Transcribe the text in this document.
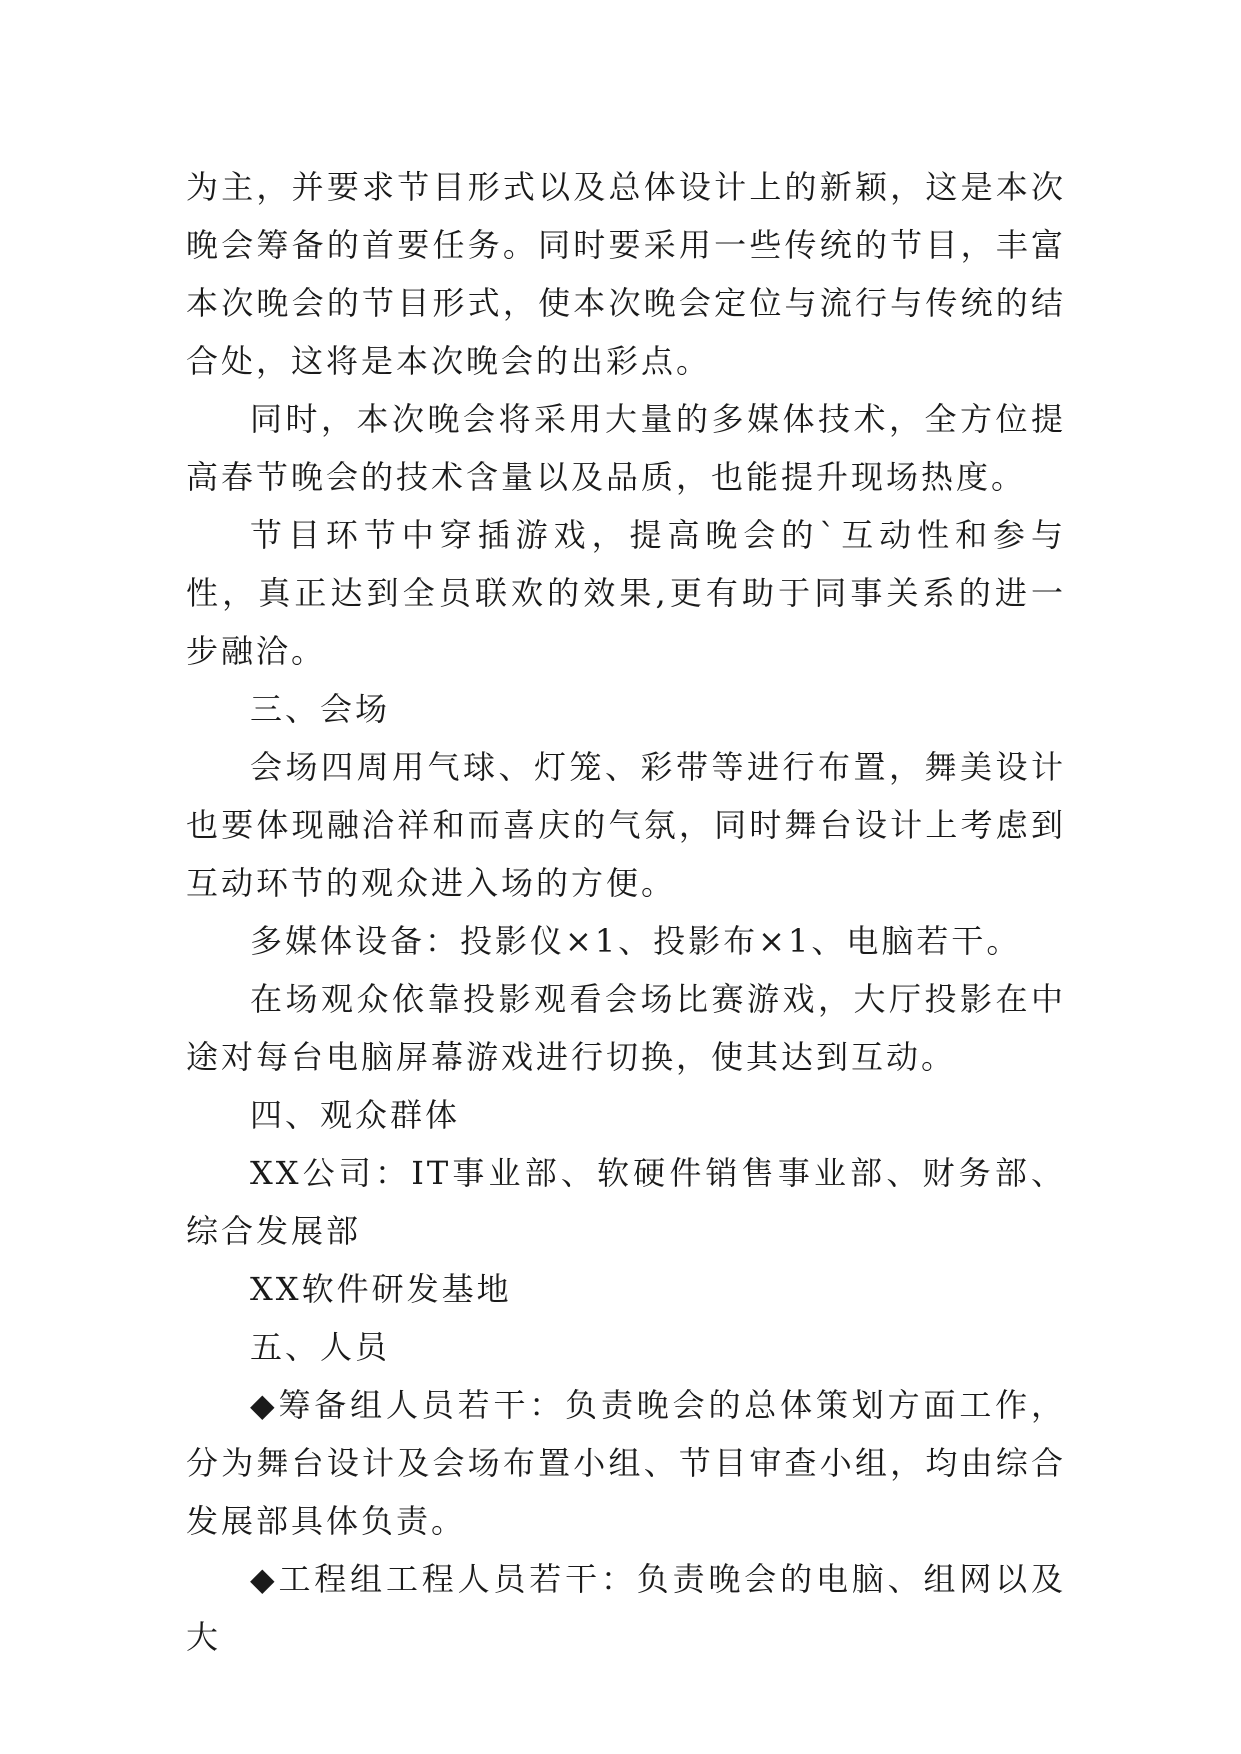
为主，并要求节目形式以及总体设计上的新颖，这是本次晚会筹备的首要任务。同时要采用一些传统的节目，丰富本次晚会的节目形式，使本次晚会定位与流行与传统的结合处，这将是本次晚会的出彩点。

同时，本次晚会将采用大量的多媒体技术，全方位提高春节晚会的技术含量以及品质，也能提升现场热度。

节目环节中穿插游戏，提高晚会的`互动性和参与性，真正达到全员联欢的效果,更有助于同事关系的进一步融洽。

三、会场

会场四周用气球、灯笼、彩带等进行布置，舞美设计也要体现融洽祥和而喜庆的气氛，同时舞台设计上考虑到互动环节的观众进入场的方便。

多媒体设备：投影仪×1、投影布×1、电脑若干。

在场观众依靠投影观看会场比赛游戏，大厅投影在中途对每台电脑屏幕游戏进行切换，使其达到互动。

四、观众群体

XX公司：IT事业部、软硬件销售事业部、财务部、综合发展部

XX软件研发基地

五、人员

◆筹备组人员若干：负责晚会的总体策划方面工作，分为舞台设计及会场布置小组、节目审查小组，均由综合发展部具体负责。

◆工程组工程人员若干：负责晚会的电脑、组网以及大
